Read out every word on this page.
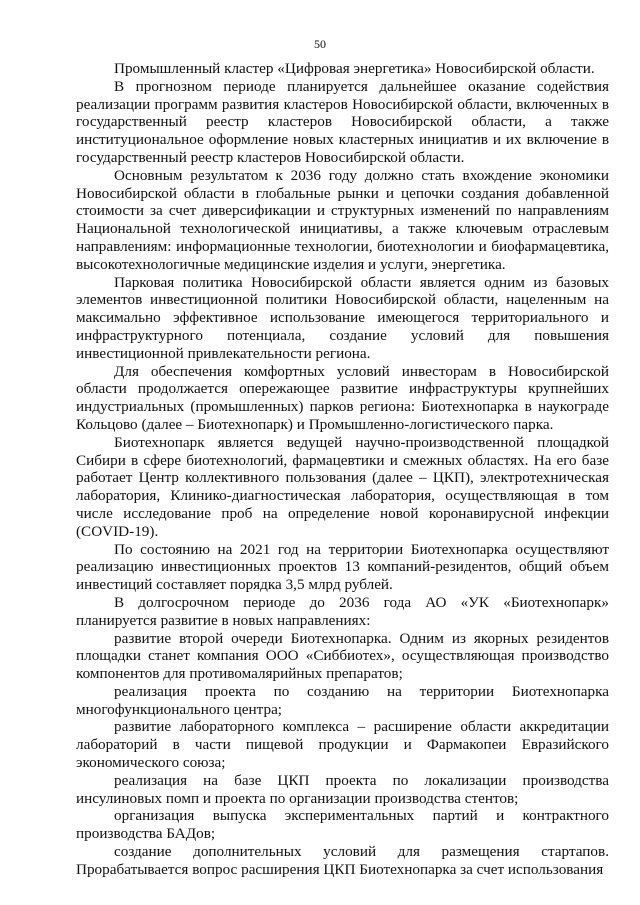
50

Промышленный кластер «Цифровая энергетика» Новосибирской области.

В прогнозном периоде планируется дальнейшее оказание содействия реализации программ развития кластеров Новосибирской области, включенных в государственный реестр кластеров Новосибирской области, а также институциональное оформление новых кластерных инициатив и их включение в государственный реестр кластеров Новосибирской области.

Основным результатом к 2036 году должно стать вхождение экономики Новосибирской области в глобальные рынки и цепочки создания добавленной стоимости за счет диверсификации и структурных изменений по направлениям Национальной технологической инициативы, а также ключевым отраслевым направлениям: информационные технологии, биотехнологии и биофармацевтика, высокотехнологичные медицинские изделия и услуги, энергетика.

Парковая политика Новосибирской области является одним из базовых элементов инвестиционной политики Новосибирской области, нацеленным на максимально эффективное использование имеющегося территориального и инфраструктурного потенциала, создание условий для повышения инвестиционной привлекательности региона.

Для обеспечения комфортных условий инвесторам в Новосибирской области продолжается опережающее развитие инфраструктуры крупнейших индустриальных (промышленных) парков региона: Биотехнопарка в наукограде Кольцово (далее – Биотехнопарк) и Промышленно-логистического парка.

Биотехнопарк является ведущей научно-производственной площадкой Сибири в сфере биотехнологий, фармацевтики и смежных областях. На его базе работает Центр коллективного пользования (далее – ЦКП), электротехническая лаборатория, Клинико-диагностическая лаборатория, осуществляющая в том числе исследование проб на определение новой коронавирусной инфекции (COVID-19).

По состоянию на 2021 год на территории Биотехнопарка осуществляют реализацию инвестиционных проектов 13 компаний-резидентов, общий объем инвестиций составляет порядка 3,5 млрд рублей.

В долгосрочном периоде до 2036 года АО «УК «Биотехнопарк» планируется развитие в новых направлениях:

развитие второй очереди Биотехнопарка. Одним из якорных резидентов площадки станет компания ООО «Сиббиотех», осуществляющая производство компонентов для противомалярийных препаратов;

реализация проекта по созданию на территории Биотехнопарка многофункционального центра;

развитие лабораторного комплекса – расширение области аккредитации лабораторий в части пищевой продукции и Фармакопеи Евразийского экономического союза;

реализация на базе ЦКП проекта по локализации производства инсулиновых помп и проекта по организации производства стентов;

организация выпуска экспериментальных партий и контрактного производства БАДов;

создание дополнительных условий для размещения стартапов. Прорабатывается вопрос расширения ЦКП Биотехнопарка за счет использования
